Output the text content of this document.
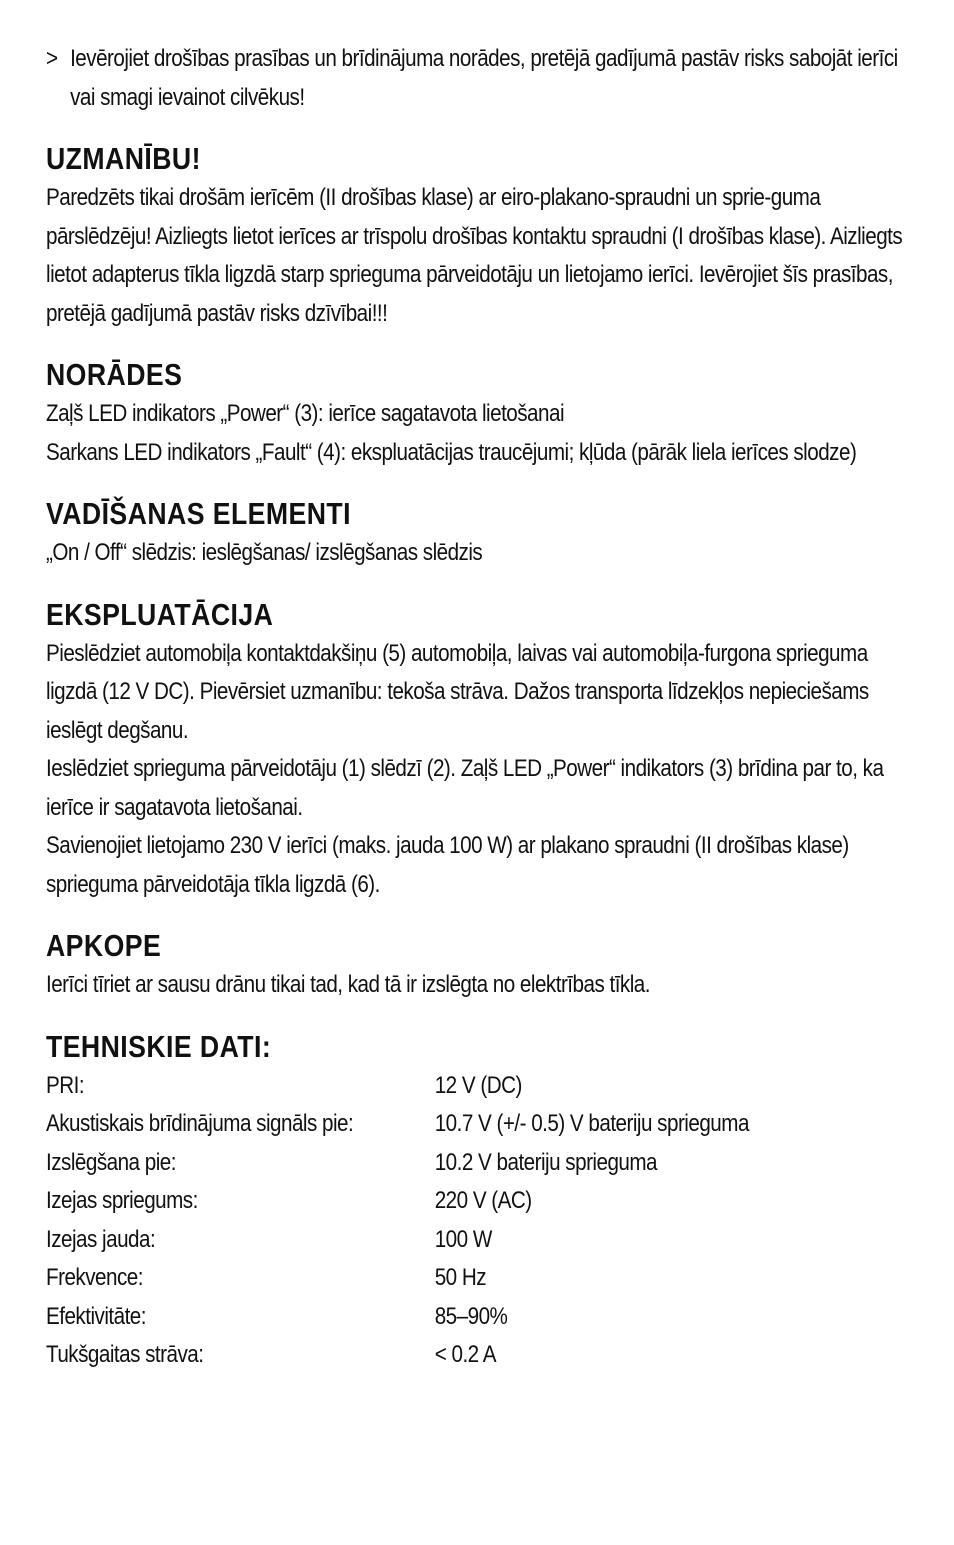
> Ievērojiet drošības prasības un brīdinājuma norādes, pretējā gadījumā pastāv risks sabojāt ierīci vai smagi ievainot cilvēkus!
UZMANĪBU!

Paredzēts tikai drošām ierīcēm (II drošības klase) ar eiro-plakano-spraudni un sprie-guma pārslēdzēju! Aizliegts lietot ierīces ar trīspolu drošības kontaktu spraudni (I drošības klase). Aizliegts lietot adapterus tīkla ligzdā starp sprieguma pārveidotāju un lietojamo ierīci. Ievērojiet šīs prasības, pretējā gadījumā pastāv risks dzīvībai!!!

NORĀDES

Zaļš LED indikators „Power“ (3): ierīce sagatavota lietošanai

Sarkans LED indikators „Fault“ (4): ekspluatācijas traucējumi; kļūda (pārāk liela ierīces slodze)

VADĪŠANAS ELEMENTI

„On / Off“ slēdzis: ieslēgšanas/ izslēgšanas slēdzis

EKSPLUATĀCIJA

Pieslēdziet automobiļa kontaktdakšiņu (5) automobiļa, laivas vai automobiļa-furgona sprieguma ligzdā (12 V DC). Pievērsiet uzmanību: tekoša strāva. Dažos transporta līdzekļos nepieciešams ieslēgt degšanu.

Ieslēdziet sprieguma pārveidotāju (1) slēdzī (2). Zaļš LED „Power“ indikators (3) brīdina par to, ka ierīce ir sagatavota lietošanai.

Savienojiet lietojamo 230 V ierīci (maks. jauda 100 W) ar plakano spraudni (II drošības klase) sprieguma pārveidotāja tīkla ligzdā (6).

APKOPE

Ierīci tīriet ar sausu drānu tikai tad, kad tā ir izslēgta no elektrības tīkla.

TEHNISKIE DATI:
PRI:	12 V (DC)
Akustiskais brīdinājuma signāls pie:	10.7 V (+/- 0.5) V bateriju sprieguma
Izslēgšana pie:	10.2 V bateriju sprieguma
Izejas spriegums:	220 V (AC)
Izejas jauda:	100 W
Frekvence:	50 Hz
Efektivitāte:	85–90%
Tukšgaitas strāva:	< 0.2 A
